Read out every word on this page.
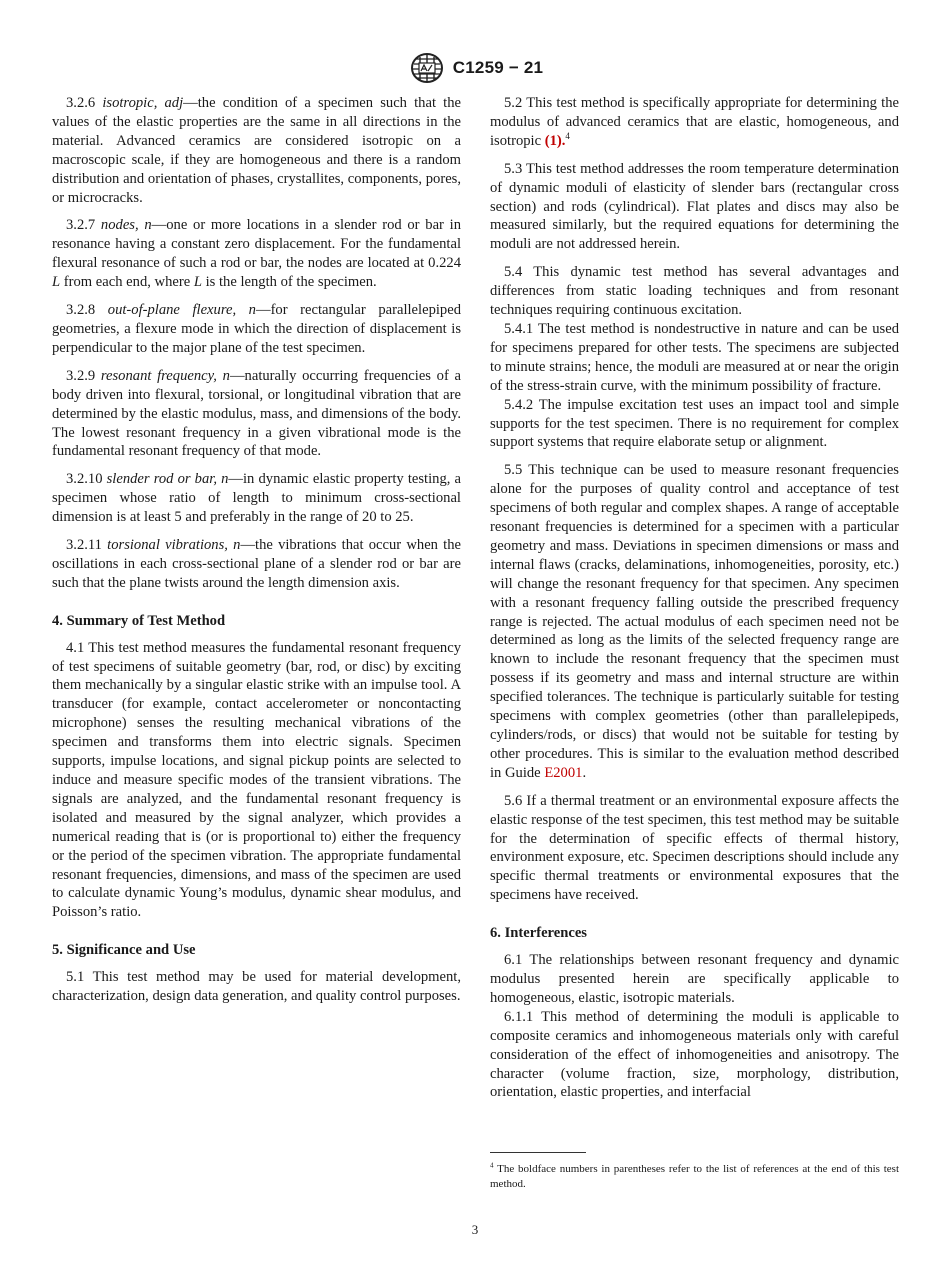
C1259 − 21

3.2.6 isotropic, adj—the condition of a specimen such that the values of the elastic properties are the same in all directions in the material. Advanced ceramics are considered isotropic on a macroscopic scale, if they are homogeneous and there is a random distribution and orientation of phases, crystallites, components, pores, or microcracks.

3.2.7 nodes, n—one or more locations in a slender rod or bar in resonance having a constant zero displacement. For the fundamental flexural resonance of such a rod or bar, the nodes are located at 0.224 L from each end, where L is the length of the specimen.

3.2.8 out-of-plane flexure, n—for rectangular parallelepiped geometries, a flexure mode in which the direction of displacement is perpendicular to the major plane of the test specimen.

3.2.9 resonant frequency, n—naturally occurring frequencies of a body driven into flexural, torsional, or longitudinal vibration that are determined by the elastic modulus, mass, and dimensions of the body. The lowest resonant frequency in a given vibrational mode is the fundamental resonant frequency of that mode.

3.2.10 slender rod or bar, n—in dynamic elastic property testing, a specimen whose ratio of length to minimum cross-sectional dimension is at least 5 and preferably in the range of 20 to 25.

3.2.11 torsional vibrations, n—the vibrations that occur when the oscillations in each cross-sectional plane of a slender rod or bar are such that the plane twists around the length dimension axis.

4. Summary of Test Method

4.1 This test method measures the fundamental resonant frequency of test specimens of suitable geometry (bar, rod, or disc) by exciting them mechanically by a singular elastic strike with an impulse tool. A transducer (for example, contact accelerometer or noncontacting microphone) senses the resulting mechanical vibrations of the specimen and transforms them into electric signals. Specimen supports, impulse locations, and signal pickup points are selected to induce and measure specific modes of the transient vibrations. The signals are analyzed, and the fundamental resonant frequency is isolated and measured by the signal analyzer, which provides a numerical reading that is (or is proportional to) either the frequency or the period of the specimen vibration. The appropriate fundamental resonant frequencies, dimensions, and mass of the specimen are used to calculate dynamic Young’s modulus, dynamic shear modulus, and Poisson’s ratio.

5. Significance and Use

5.1 This test method may be used for material development, characterization, design data generation, and quality control purposes.

5.2 This test method is specifically appropriate for determining the modulus of advanced ceramics that are elastic, homogeneous, and isotropic (1).$^4$

5.3 This test method addresses the room temperature determination of dynamic moduli of elasticity of slender bars (rectangular cross section) and rods (cylindrical). Flat plates and discs may also be measured similarly, but the required equations for determining the moduli are not addressed herein.

5.4 This dynamic test method has several advantages and differences from static loading techniques and from resonant techniques requiring continuous excitation.

5.4.1 The test method is nondestructive in nature and can be used for specimens prepared for other tests. The specimens are subjected to minute strains; hence, the moduli are measured at or near the origin of the stress-strain curve, with the minimum possibility of fracture.

5.4.2 The impulse excitation test uses an impact tool and simple supports for the test specimen. There is no requirement for complex support systems that require elaborate setup or alignment.

5.5 This technique can be used to measure resonant frequencies alone for the purposes of quality control and acceptance of test specimens of both regular and complex shapes. A range of acceptable resonant frequencies is determined for a specimen with a particular geometry and mass. Deviations in specimen dimensions or mass and internal flaws (cracks, delaminations, inhomogeneities, porosity, etc.) will change the resonant frequency for that specimen. Any specimen with a resonant frequency falling outside the prescribed frequency range is rejected. The actual modulus of each specimen need not be determined as long as the limits of the selected frequency range are known to include the resonant frequency that the specimen must possess if its geometry and mass and internal structure are within specified tolerances. The technique is particularly suitable for testing specimens with complex geometries (other than parallelepipeds, cylinders/rods, or discs) that would not be suitable for testing by other procedures. This is similar to the evaluation method described in Guide E2001.

5.6 If a thermal treatment or an environmental exposure affects the elastic response of the test specimen, this test method may be suitable for the determination of specific effects of thermal history, environment exposure, etc. Specimen descriptions should include any specific thermal treatments or environmental exposures that the specimens have received.

6. Interferences

6.1 The relationships between resonant frequency and dynamic modulus presented herein are specifically applicable to homogeneous, elastic, isotropic materials.

6.1.1 This method of determining the moduli is applicable to composite ceramics and inhomogeneous materials only with careful consideration of the effect of inhomogeneities and anisotropy. The character (volume fraction, size, morphology, distribution, orientation, elastic properties, and interfacial

$^4$ The boldface numbers in parentheses refer to the list of references at the end of this test method.
3
